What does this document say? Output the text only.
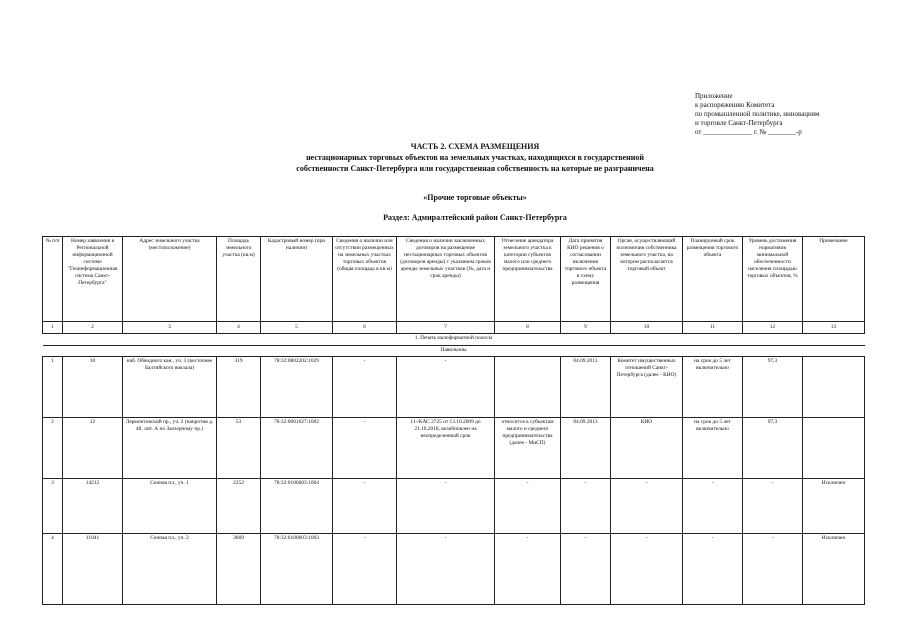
Приложение
к распоряжению Комитета
по промышленной политике, инновациям
и торговле Санкт-Петербурга
от ______________ г. № ________-р
ЧАСТЬ 2. СХЕМА РАЗМЕЩЕНИЯ
нестационарных торговых объектов на земельных участках, находящихся в государственной
собственности Санкт-Петербурга или государственная собственность на которые не разграничена
«Прочие торговые объекты»
Раздел: Адмиралтейский район Санкт-Петербурга
№ п/п	Номер заявления в Региональной информационной системе "Геоинформационная система Санкт-Петербурга"	Адрес земельного участка (местоположение)	Площадь земельного участка (кв.м)	Кадастровый номер (при наличии)	Сведения о наличии или отсутствии размещенных на земельных участках торговых объектов (общая площадь в кв.м)	Сведения о наличии заключенных договоров на размещение нестационарных торговых объектов (договоров аренды) с указанием сроков аренды земельных участков (№, дата и срок аренды)	Отнесение арендатора земельного участка к категории субъектов малого или среднего предпринимательства	Дата принятия КИО решения о согласовании включения торгового объекта в схему размещения	Орган, осуществляющий полномочия собственника земельного участка, на котором располагается торговый объект	Планируемый срок размещения торгового объекта	Уровень достижения нормативов минимальной обеспеченности населения площадью торговых объектов, %	Примечание
1	2	3	4	5	6	7	8	9	10	11	12	13
1. Печать малоформатной полосы												
Павильоны												
1	10	наб. Обводного кан., уч. 3 (восточнее Балтийского вокзала)	319	78:32:0802202:1029	-	-		04.09.2013	Комитет имущественных отношений Санкт-Петербурга (далее - КИО)	на срок до 5 лет включительно	97,3	
2	12	Лермонтовский пр., уч. 2 (напротив д. 48, лит. А по Заозерному пр.)	53	78:32:0001627:1002	-	11-/КАС 2725 от 13.10.2009 до 21.10.2018, возобновлен на неопределенный срок	относится к субъектам малого и среднего предпринимательства (далее - МиСП)	04.09.2013	КИО	на срок до 5 лет включительно	97,3	
3	14212	Сенная пл., уч. 1	2252	78:32:0100603:1004	-	-	-	-	-	-	-	Исключен
4	11041	Сенная пл., уч. 2	3669	78:32:0100603:1003	-	-	-	-	-	-	-	Исключен
